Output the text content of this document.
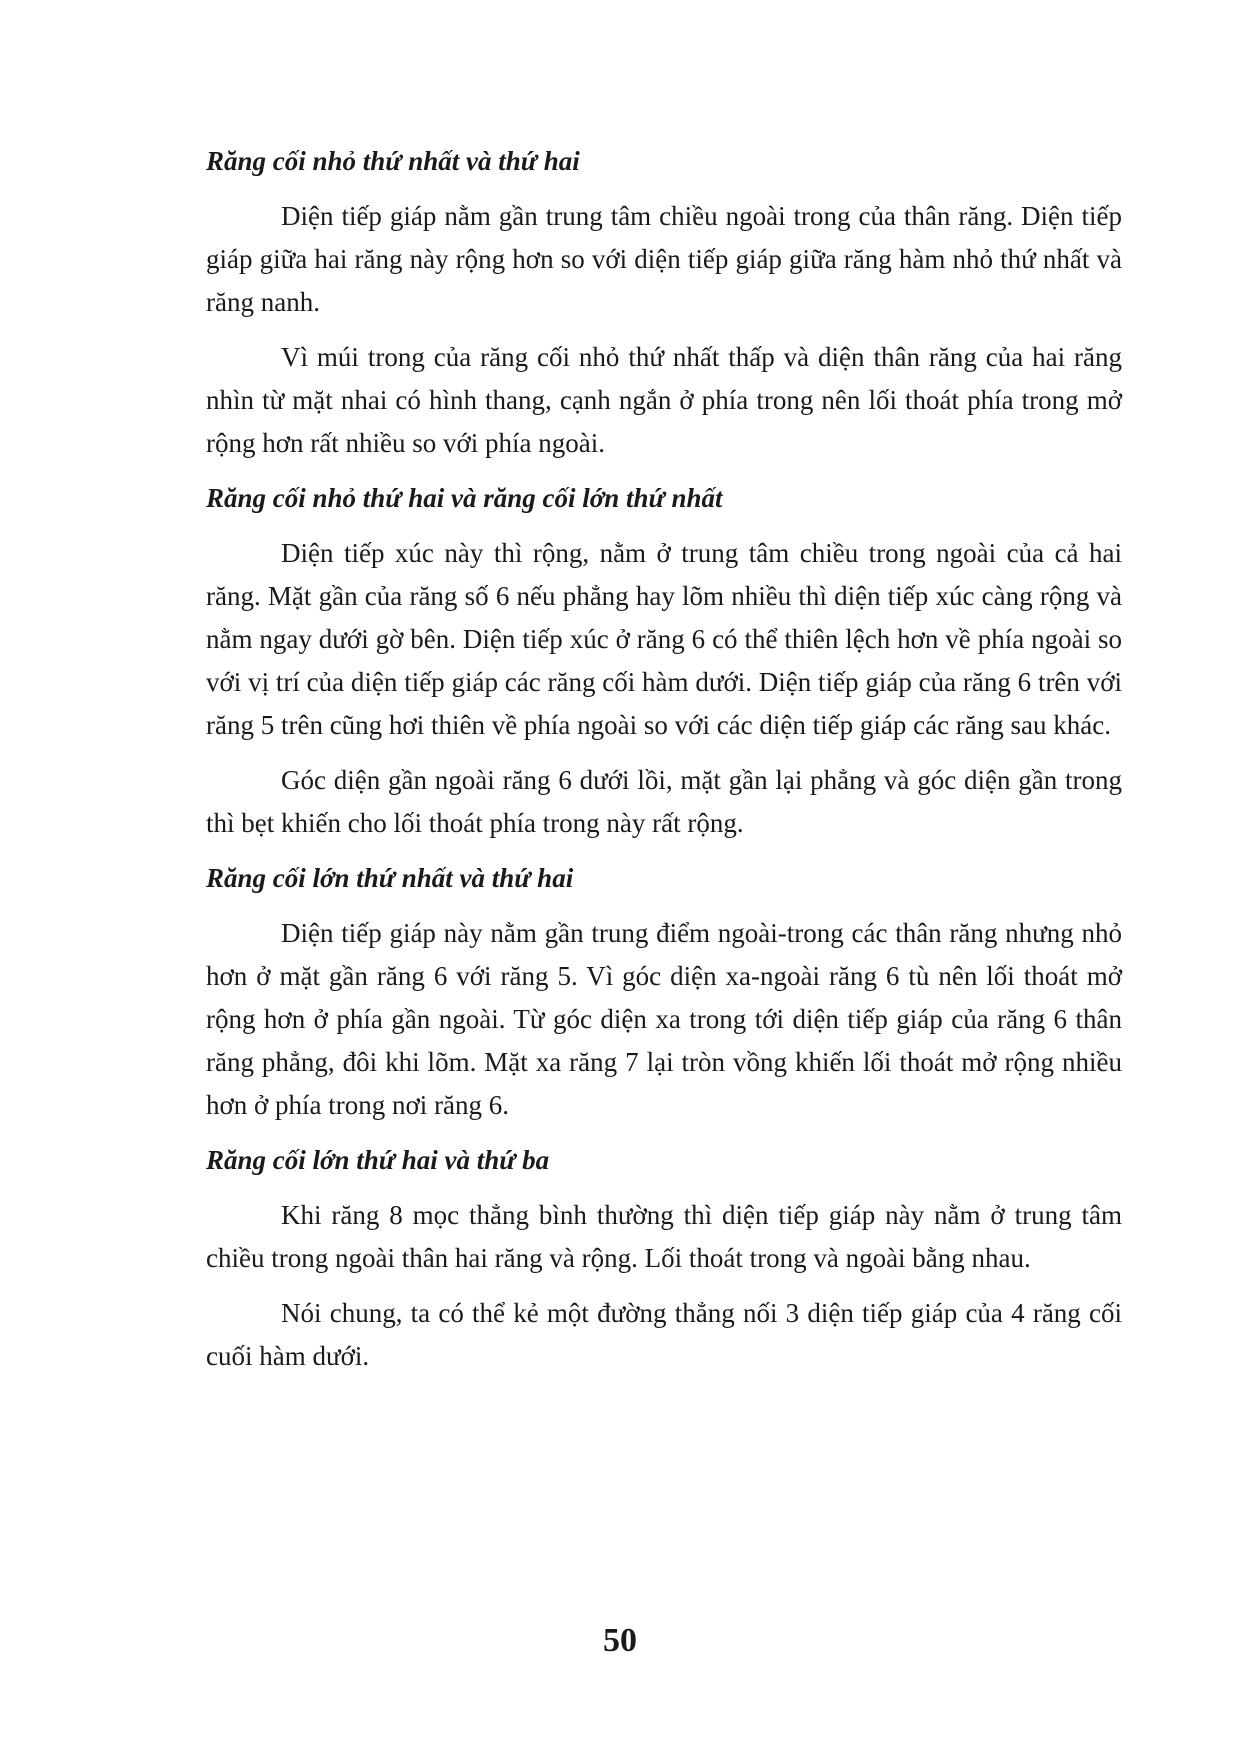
Răng cối nhỏ thứ nhất và thứ hai

Diện tiếp giáp nằm gần trung tâm chiều ngoài trong của thân răng. Diện tiếp giáp giữa hai răng này rộng hơn so với diện tiếp giáp giữa răng hàm nhỏ thứ nhất và răng nanh.

Vì múi trong của răng cối nhỏ thứ nhất thấp và diện thân răng của hai răng nhìn từ mặt nhai có hình thang, cạnh ngắn ở phía trong nên lối thoát phía trong mở rộng hơn rất nhiều so với phía ngoài.

Răng cối nhỏ thứ hai và răng cối lớn thứ nhất

Diện tiếp xúc này thì rộng, nằm ở trung tâm chiều trong ngoài của cả hai răng. Mặt gần của răng số 6 nếu phẳng hay lõm nhiều thì diện tiếp xúc càng rộng và nằm ngay dưới gờ bên. Diện tiếp xúc ở răng 6 có thể thiên lệch hơn về phía ngoài so với vị trí của diện tiếp giáp các răng cối hàm dưới. Diện tiếp giáp của răng 6 trên với răng 5 trên cũng hơi thiên về phía ngoài so với các diện tiếp giáp các răng sau khác.

Góc diện gần ngoài răng 6 dưới lồi, mặt gần lại phẳng và góc diện gần trong thì bẹt khiến cho lối thoát phía trong này rất rộng.

Răng cối lớn thứ nhất và thứ hai

Diện tiếp giáp này nằm gần trung điểm ngoài-trong các thân răng nhưng nhỏ hơn ở mặt gần răng 6 với răng 5. Vì góc diện xa-ngoài răng 6 tù nên lối thoát mở rộng hơn ở phía gần ngoài. Từ góc diện xa trong tới diện tiếp giáp của răng 6 thân răng phẳng, đôi khi lõm. Mặt xa răng 7 lại tròn vồng khiến lối thoát mở rộng nhiều hơn ở phía trong nơi răng 6.

Răng cối lớn thứ hai và thứ ba

Khi răng 8 mọc thẳng bình thường thì diện tiếp giáp này nằm ở trung tâm chiều trong ngoài thân hai răng và rộng. Lối thoát trong và ngoài bằng nhau.

Nói chung, ta có thể kẻ một đường thẳng nối 3 diện tiếp giáp của 4 răng cối cuối hàm dưới.

50
